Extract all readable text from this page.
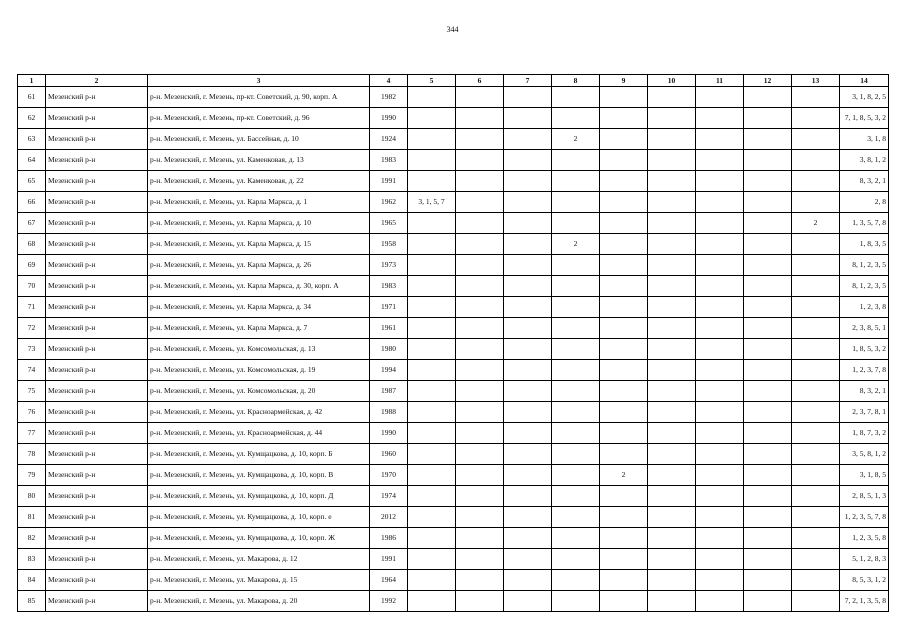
344
1	2	3	4	5	6	7	8	9	10	11	12	13	14
61	Мезенский р-н	р-н. Мезенский, г. Мезень, пр-кт. Советский, д. 90, корп. А	1982										3, 1, 8, 2, 5
62	Мезенский р-н	р-н. Мезенский, г. Мезень, пр-кт. Советский, д. 96	1990										7, 1, 8, 5, 3, 2
63	Мезенский р-н	р-н. Мезенский, г. Мезень, ул. Бассейная, д. 10	1924				2						3, 1, 8
64	Мезенский р-н	р-н. Мезенский, г. Мезень, ул. Каменковая, д. 13	1983										3, 8, 1, 2
65	Мезенский р-н	р-н. Мезенский, г. Мезень, ул. Каменковая, д. 22	1991										8, 3, 2, 1
66	Мезенский р-н	р-н. Мезенский, г. Мезень, ул. Карла Маркса, д. 1	1962	3, 1, 5, 7									2, 8
67	Мезенский р-н	р-н. Мезенский, г. Мезень, ул. Карла Маркса, д. 10	1965									2	1, 3, 5, 7, 8
68	Мезенский р-н	р-н. Мезенский, г. Мезень, ул. Карла Маркса, д. 15	1958				2						1, 8, 3, 5
69	Мезенский р-н	р-н. Мезенский, г. Мезень, ул. Карла Маркса, д. 26	1973										8, 1, 2, 3, 5
70	Мезенский р-н	р-н. Мезенский, г. Мезень, ул. Карла Маркса, д. 30, корп. А	1983										8, 1, 2, 3, 5
71	Мезенский р-н	р-н. Мезенский, г. Мезень, ул. Карла Маркса, д. 34	1971										1, 2, 3, 8
72	Мезенский р-н	р-н. Мезенский, г. Мезень, ул. Карла Маркса, д. 7	1961										2, 3, 8, 5, 1
73	Мезенский р-н	р-н. Мезенский, г. Мезень, ул. Комсомольская, д. 13	1980										1, 8, 5, 3, 2
74	Мезенский р-н	р-н. Мезенский, г. Мезень, ул. Комсомольская, д. 19	1994										1, 2, 3, 7, 8
75	Мезенский р-н	р-н. Мезенский, г. Мезень, ул. Комсомольская, д. 20	1987										8, 3, 2, 1
76	Мезенский р-н	р-н. Мезенский, г. Мезень, ул. Красноармейская, д. 42	1988										2, 3, 7, 8, 1
77	Мезенский р-н	р-н. Мезенский, г. Мезень, ул. Красноармейская, д. 44	1990										1, 8, 7, 3, 2
78	Мезенский р-н	р-н. Мезенский, г. Мезень, ул. Кумщацкова, д. 10, корп. Б	1960										3, 5, 8, 1, 2
79	Мезенский р-н	р-н. Мезенский, г. Мезень, ул. Кумщацкова, д. 10, корп. В	1970					2					3, 1, 8, 5
80	Мезенский р-н	р-н. Мезенский, г. Мезень, ул. Кумщацкова, д. 10, корп. Д	1974										2, 8, 5, 1, 3
81	Мезенский р-н	р-н. Мезенский, г. Мезень, ул. Кумщацкова, д. 10, корп. е	2012										1, 2, 3, 5, 7, 8
82	Мезенский р-н	р-н. Мезенский, г. Мезень, ул. Кумщацкова, д. 10, корп. Ж	1986										1, 2, 3, 5, 8
83	Мезенский р-н	р-н. Мезенский, г. Мезень, ул. Макарова, д. 12	1991										5, 1, 2, 8, 3
84	Мезенский р-н	р-н. Мезенский, г. Мезень, ул. Макарова, д. 15	1964										8, 5, 3, 1, 2
85	Мезенский р-н	р-н. Мезенский, г. Мезень, ул. Макарова, д. 20	1992										7, 2, 1, 3, 5, 8
